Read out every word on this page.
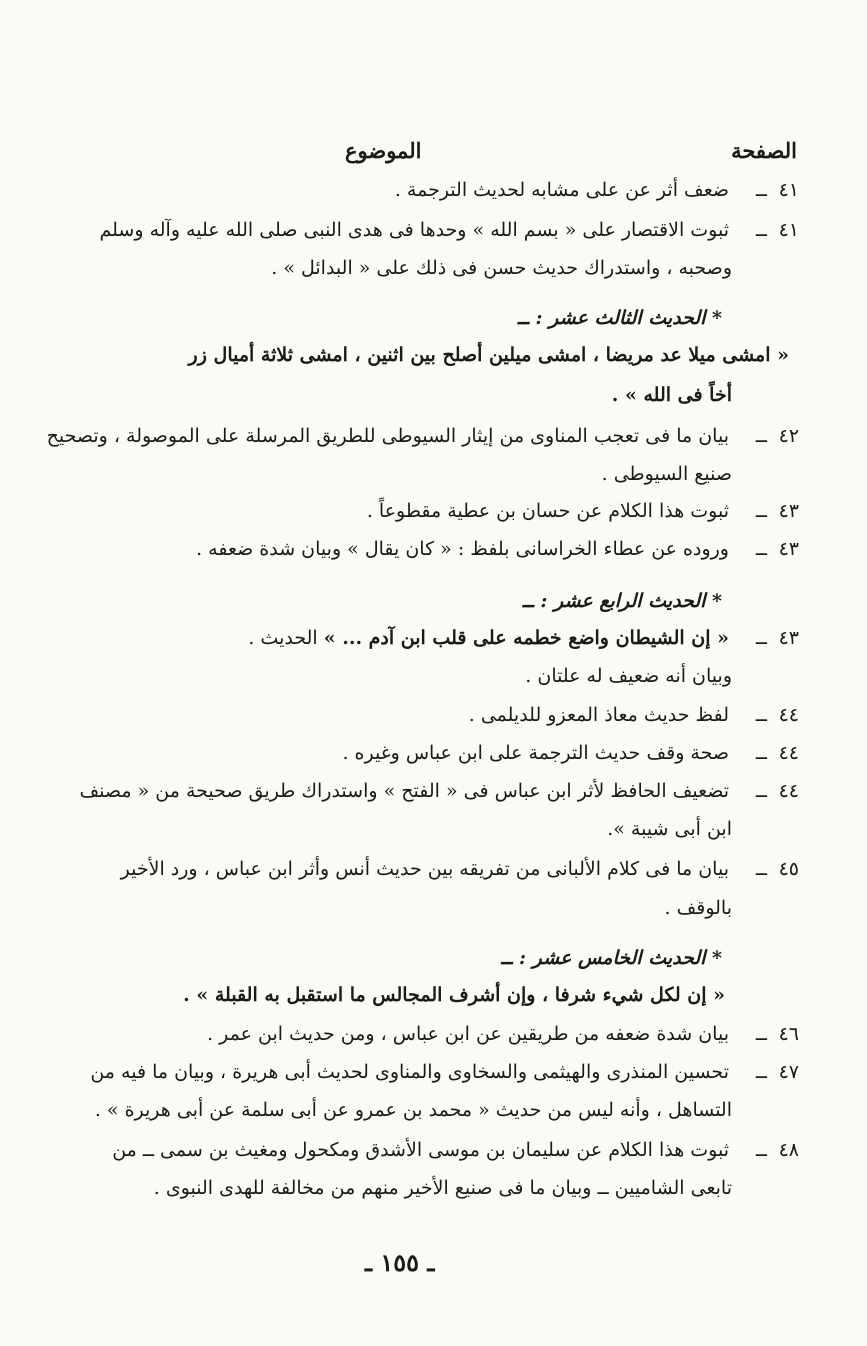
الصفحة
الموضوع
٤١
ــ
ضعف أثر عن على مشابه لحديث الترجمة .
٤١
ــ
ثبوت الاقتصار على « بسم الله » وحدها فى هدى النبى صلى الله عليه وآله وسلم
وصحبه ، واستدراك حديث حسن فى ذلك على « البدائل » .
* الحديث الثالث عشر : ــ
« امشى ميلا عد مريضا ، امشى ميلين أصلح بين اثنين ، امشى ثلاثة أميال زر
أخاً فى الله » .
٤٢
ــ
بيان ما فى تعجب المناوى من إيثار السيوطى للطريق المرسلة على الموصولة ، وتصحيح
صنيع السيوطى .
٤٣
ــ
ثبوت هذا الكلام عن حسان بن عطية مقطوعاً .
٤٣
ــ
وروده عن عطاء الخراسانى بلفظ : « كان يقال » وبيان شدة ضعفه .
* الحديث الرابع عشر : ــ
٤٣
ــ
« إن الشيطان واضع خطمه على قلب ابن آدم ... » الحديث .
وبيان أنه ضعيف له علتان .
٤٤
ــ
لفظ حديث معاذ المعزو للديلمى .
٤٤
ــ
صحة وقف حديث الترجمة على ابن عباس وغيره .
٤٤
ــ
تضعيف الحافظ لأثر ابن عباس فى « الفتح » واستدراك طريق صحيحة من « مصنف
ابن أبى شيبة ».
٤٥
ــ
بيان ما فى كلام الألبانى من تفريقه بين حديث أنس وأثر ابن عباس ، ورد الأخير
بالوقف .
* الحديث الخامس عشر : ــ
« إن لكل شيء شرفا ، وإن أشرف المجالس ما استقبل به القبلة » .
٤٦
ــ
بيان شدة ضعفه من طريقين عن ابن عباس ، ومن حديث ابن عمر .
٤٧
ــ
تحسين المنذرى والهيثمى والسخاوى والمناوى لحديث أبى هريرة ، وبيان ما فيه من
التساهل ، وأنه ليس من حديث « محمد بن عمرو عن أبى سلمة عن أبى هريرة » .
٤٨
ــ
ثبوت هذا الكلام عن سليمان بن موسى الأشدق ومكحول ومغيث بن سمى ــ من
تابعى الشاميين ــ وبيان ما فى صنيع الأخير منهم من مخالفة للهدى النبوى .
ـ ١٥٥ ـ
